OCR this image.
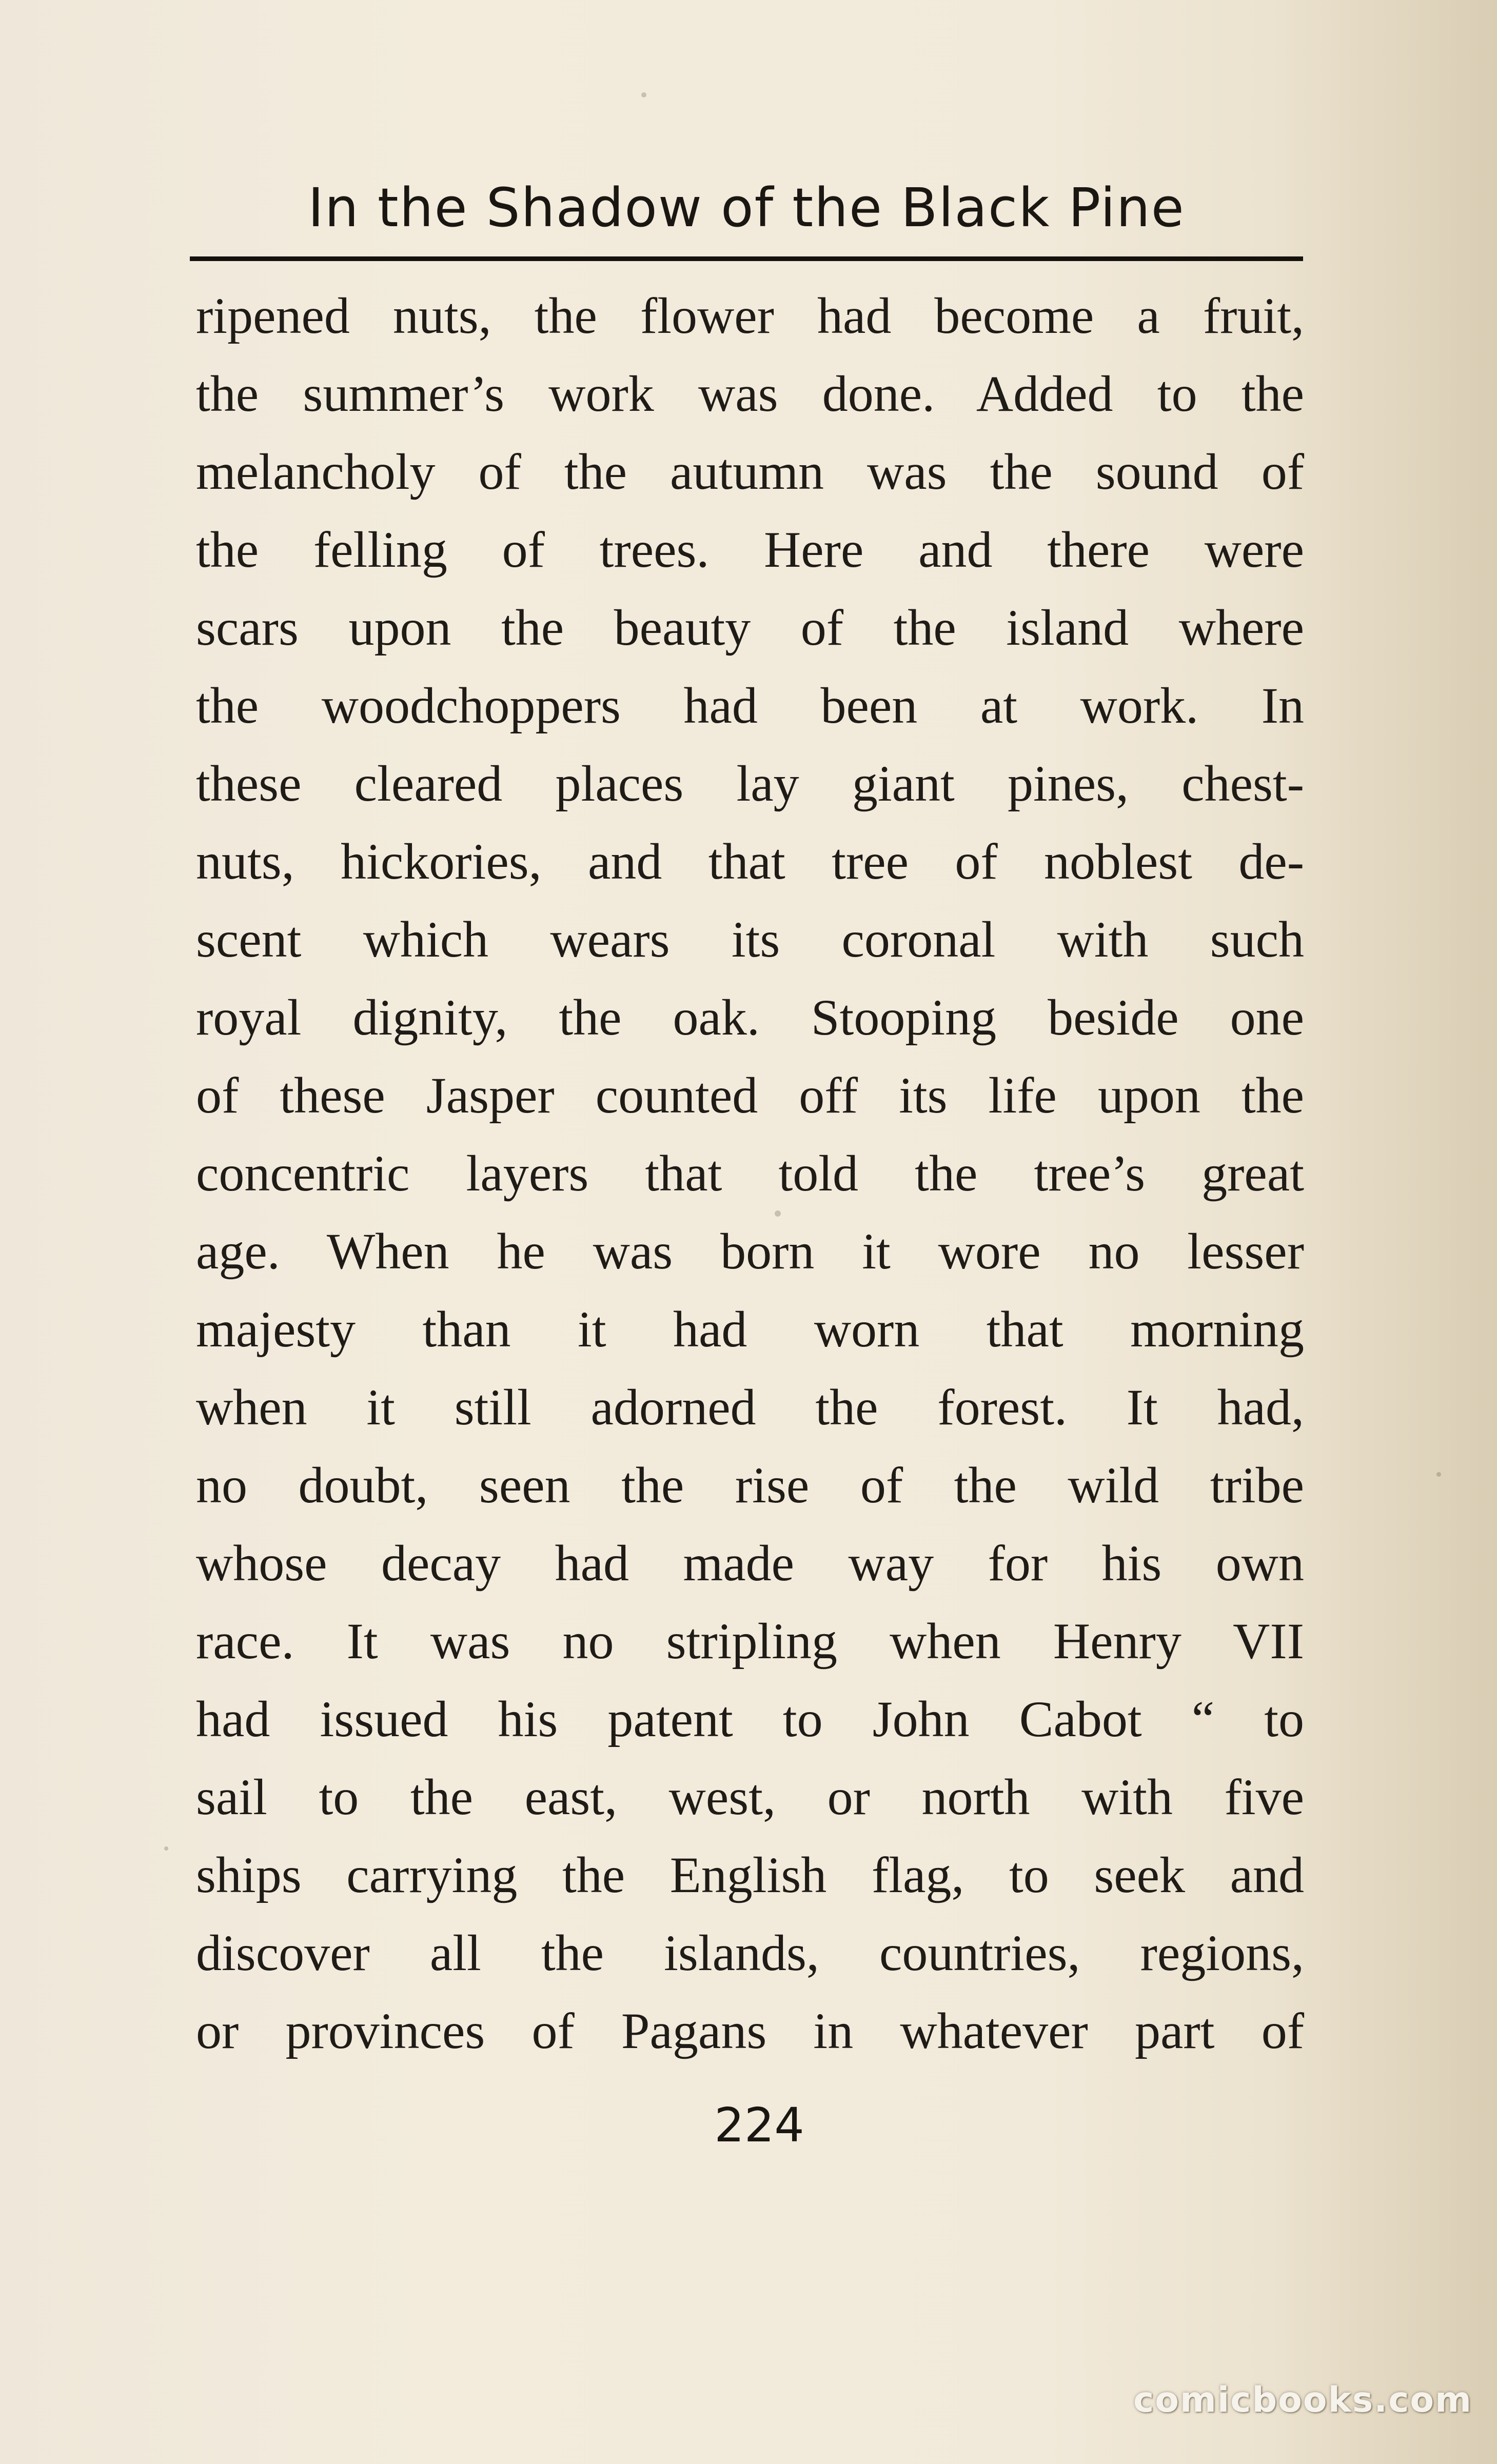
In the Shadow of the Black Pine
ripened nuts, the flower had become a fruit,
the summer’s work was done. Added to the
melancholy of the autumn was the sound of
the felling of trees. Here and there were
scars upon the beauty of the island where
the woodchoppers had been at work. In
these cleared places lay giant pines, chest-
nuts, hickories, and that tree of noblest de-
scent which wears its coronal with such
royal dignity, the oak. Stooping beside one
of these Jasper counted off its life upon the
concentric layers that told the tree’s great
age. When he was born it wore no lesser
majesty than it had worn that morning
when it still adorned the forest. It had,
no doubt, seen the rise of the wild tribe
whose decay had made way for his own
race. It was no stripling when Henry VII
had issued his patent to John Cabot “ to
sail to the east, west, or north with five
ships carrying the English flag, to seek and
discover all the islands, countries, regions,
or provinces of Pagans in whatever part of
224
comicbooks.com
